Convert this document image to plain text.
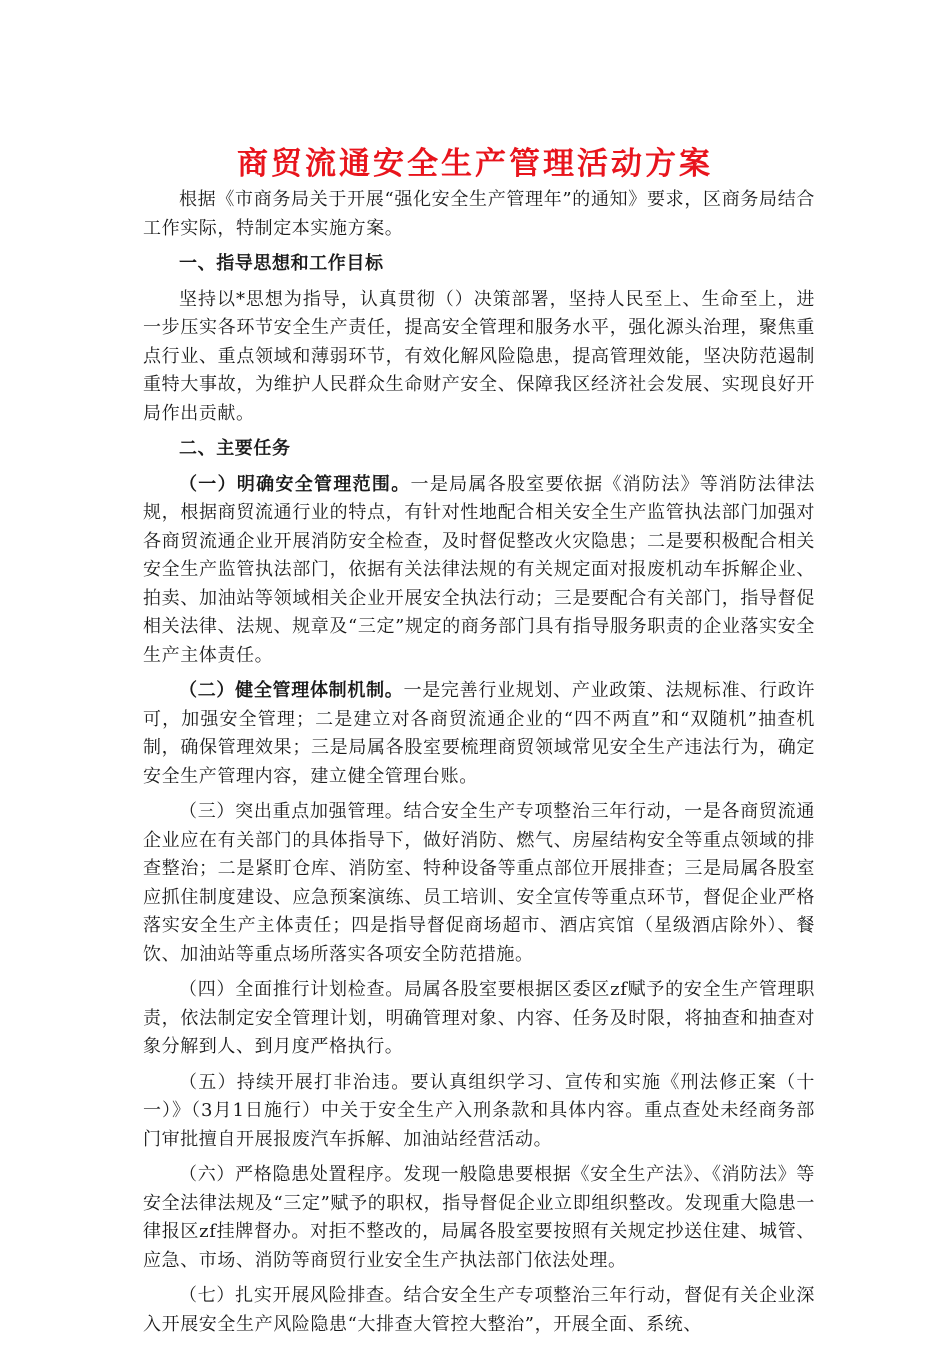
商贸流通安全生产管理活动方案

根据《市商务局关于开展“强化安全生产管理年”的通知》要求，区商务局结合工作实际，特制定本实施方案。

一、指导思想和工作目标

坚持以*思想为指导，认真贯彻（）决策部署，坚持人民至上、生命至上，进一步压实各环节安全生产责任，提高安全管理和服务水平，强化源头治理，聚焦重点行业、重点领域和薄弱环节，有效化解风险隐患，提高管理效能，坚决防范遏制重特大事故，为维护人民群众生命财产安全、保障我区经济社会发展、实现良好开局作出贡献。

二、主要任务

（一）明确安全管理范围。一是局属各股室要依据《消防法》等消防法律法规，根据商贸流通行业的特点，有针对性地配合相关安全生产监管执法部门加强对各商贸流通企业开展消防安全检查，及时督促整改火灾隐患；二是要积极配合相关安全生产监管执法部门，依据有关法律法规的有关规定面对报废机动车拆解企业、拍卖、加油站等领域相关企业开展安全执法行动；三是要配合有关部门，指导督促相关法律、法规、规章及“三定”规定的商务部门具有指导服务职责的企业落实安全生产主体责任。

（二）健全管理体制机制。一是完善行业规划、产业政策、法规标准、行政许可，加强安全管理；二是建立对各商贸流通企业的“四不两直”和“双随机”抽查机制，确保管理效果；三是局属各股室要梳理商贸领域常见安全生产违法行为，确定安全生产管理内容，建立健全管理台账。

（三）突出重点加强管理。结合安全生产专项整治三年行动，一是各商贸流通企业应在有关部门的具体指导下，做好消防、燃气、房屋结构安全等重点领域的排查整治；二是紧盯仓库、消防室、特种设备等重点部位开展排查；三是局属各股室应抓住制度建设、应急预案演练、员工培训、安全宣传等重点环节，督促企业严格落实安全生产主体责任；四是指导督促商场超市、酒店宾馆（星级酒店除外）、餐饮、加油站等重点场所落实各项安全防范措施。

（四）全面推行计划检查。局属各股室要根据区委区zf赋予的安全生产管理职责，依法制定安全管理计划，明确管理对象、内容、任务及时限，将抽查和抽查对象分解到人、到月度严格执行。

（五）持续开展打非治违。要认真组织学习、宣传和实施《刑法修正案（十一）》（3月1日施行）中关于安全生产入刑条款和具体内容。重点查处未经商务部门审批擅自开展报废汽车拆解、加油站经营活动。

（六）严格隐患处置程序。发现一般隐患要根据《安全生产法》、《消防法》等安全法律法规及“三定”赋予的职权，指导督促企业立即组织整改。发现重大隐患一律报区zf挂牌督办。对拒不整改的，局属各股室要按照有关规定抄送住建、城管、应急、市场、消防等商贸行业安全生产执法部门依法处理。

（七）扎实开展风险排查。结合安全生产专项整治三年行动，督促有关企业深入开展安全生产风险隐患“大排查大管控大整治”，开展全面、系统、
